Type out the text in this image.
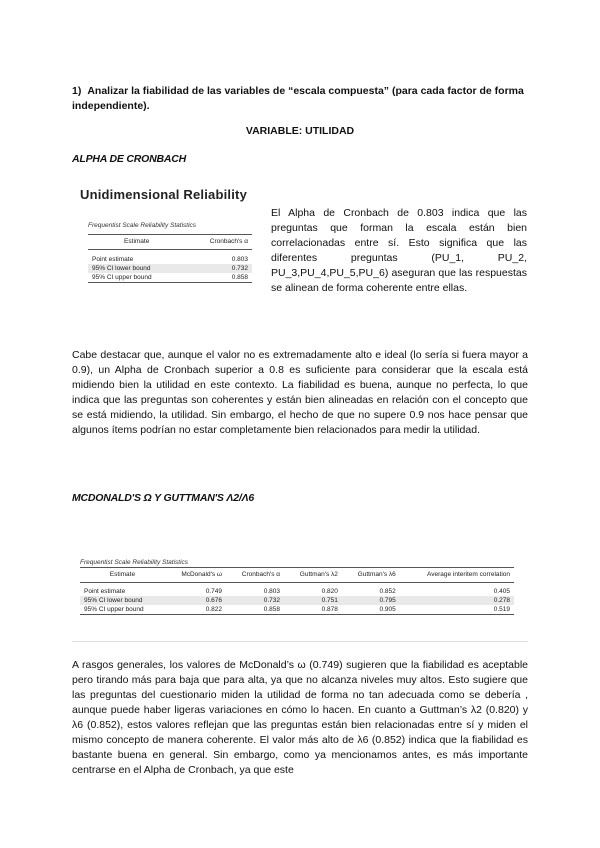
1) Analizar la fiabilidad de las variables de “escala compuesta” (para cada factor de forma independiente).
VARIABLE: UTILIDAD
ALPHA DE CRONBACH
Unidimensional Reliability
Frequentist Scale Reliability Statistics
Estimate	Cronbach's α

Point estimate	0.803
95% CI lower bound	0.732
95% CI upper bound	0.858
El Alpha de Cronbach de 0.803 indica que las preguntas que forman la escala están bien correlacionadas entre sí. Esto significa que las diferentes preguntas (PU_1, PU_2, PU_3,PU_4,PU_5,PU_6) aseguran que las respuestas se alinean de forma coherente entre ellas.
Cabe destacar que, aunque el valor no es extremadamente alto e ideal (lo sería si fuera mayor a 0.9), un Alpha de Cronbach superior a 0.8 es suficiente para considerar que la escala está midiendo bien la utilidad en este contexto. La fiabilidad es buena, aunque no perfecta, lo que indica que las preguntas son coherentes y están bien alineadas en relación con el concepto que se está midiendo, la utilidad. Sin embargo, el hecho de que no supere 0.9 nos hace pensar que algunos ítems podrían no estar completamente bien relacionados para medir la utilidad.
MCDONALD'S Ω Y GUTTMAN'S Λ2/Λ6
Frequentist Scale Reliability Statistics
Estimate	McDonald's ω	Cronbach's α	Guttman's λ2	Guttman's λ6	Average interitem correlation

Point estimate	0.749	0.803	0.820	0.852	0.405
95% CI lower bound	0.676	0.732	0.751	0.795	0.278
95% CI upper bound	0.822	0.858	0.878	0.905	0.519
A rasgos generales, los valores de McDonald’s ω (0.749) sugieren que la fiabilidad es aceptable pero tirando más para baja que para alta, ya que no alcanza niveles muy altos. Esto sugiere que las preguntas del cuestionario miden la utilidad de forma no tan adecuada como se debería , aunque puede haber ligeras variaciones en cómo lo hacen. En cuanto a Guttman’s λ2 (0.820) y λ6 (0.852), estos valores reflejan que las preguntas están bien relacionadas entre sí y miden el mismo concepto de manera coherente. El valor más alto de λ6 (0.852) indica que la fiabilidad es bastante buena en general. Sin embargo, como ya mencionamos antes, es más importante centrarse en el Alpha de Cronbach, ya que este
